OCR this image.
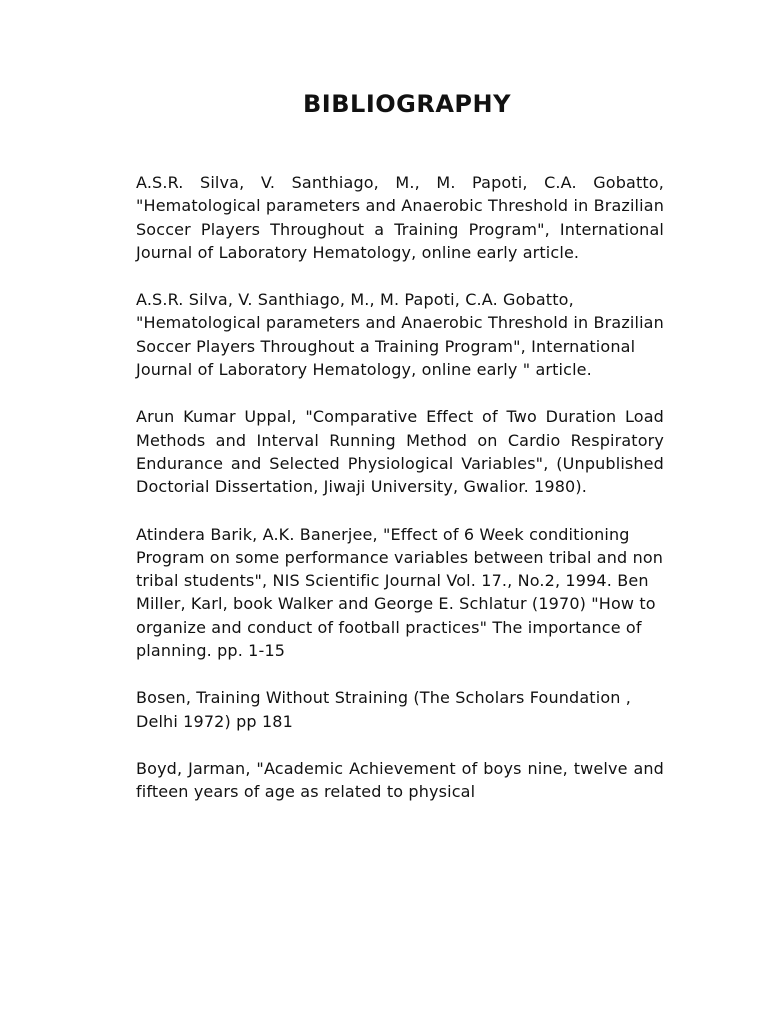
BIBLIOGRAPHY

A.S.R. Silva, V. Santhiago, M., M. Papoti, C.A. Gobatto, "Hematological parameters and Anaerobic Threshold in Brazilian Soccer Players Throughout a Training Program", International Journal of Laboratory Hematology, online early article.

A.S.R. Silva, V. Santhiago, M., M. Papoti, C.A. Gobatto, "Hematological parameters and Anaerobic Threshold in Brazilian Soccer Players Throughout a Training Program", International Journal of Laboratory Hematology, online early " article.

Arun Kumar Uppal, "Comparative Effect of Two Duration Load Methods and Interval Running Method on Cardio Respiratory Endurance and Selected Physiological Variables", (Unpublished Doctorial Dissertation, Jiwaji University, Gwalior. 1980).

Atindera Barik, A.K. Banerjee, "Effect of 6 Week conditioning Program on some performance variables between tribal and non tribal students", NIS Scientific Journal Vol. 17., No.2, 1994. Ben Miller, Karl, book Walker and George E. Schlatur (1970) "How to organize and conduct of football practices" The importance of planning. pp. 1-15

Bosen, Training Without Straining (The Scholars Foundation , Delhi 1972) pp 181

Boyd, Jarman, "Academic Achievement of boys nine, twelve and fifteen years of age as related to physical
